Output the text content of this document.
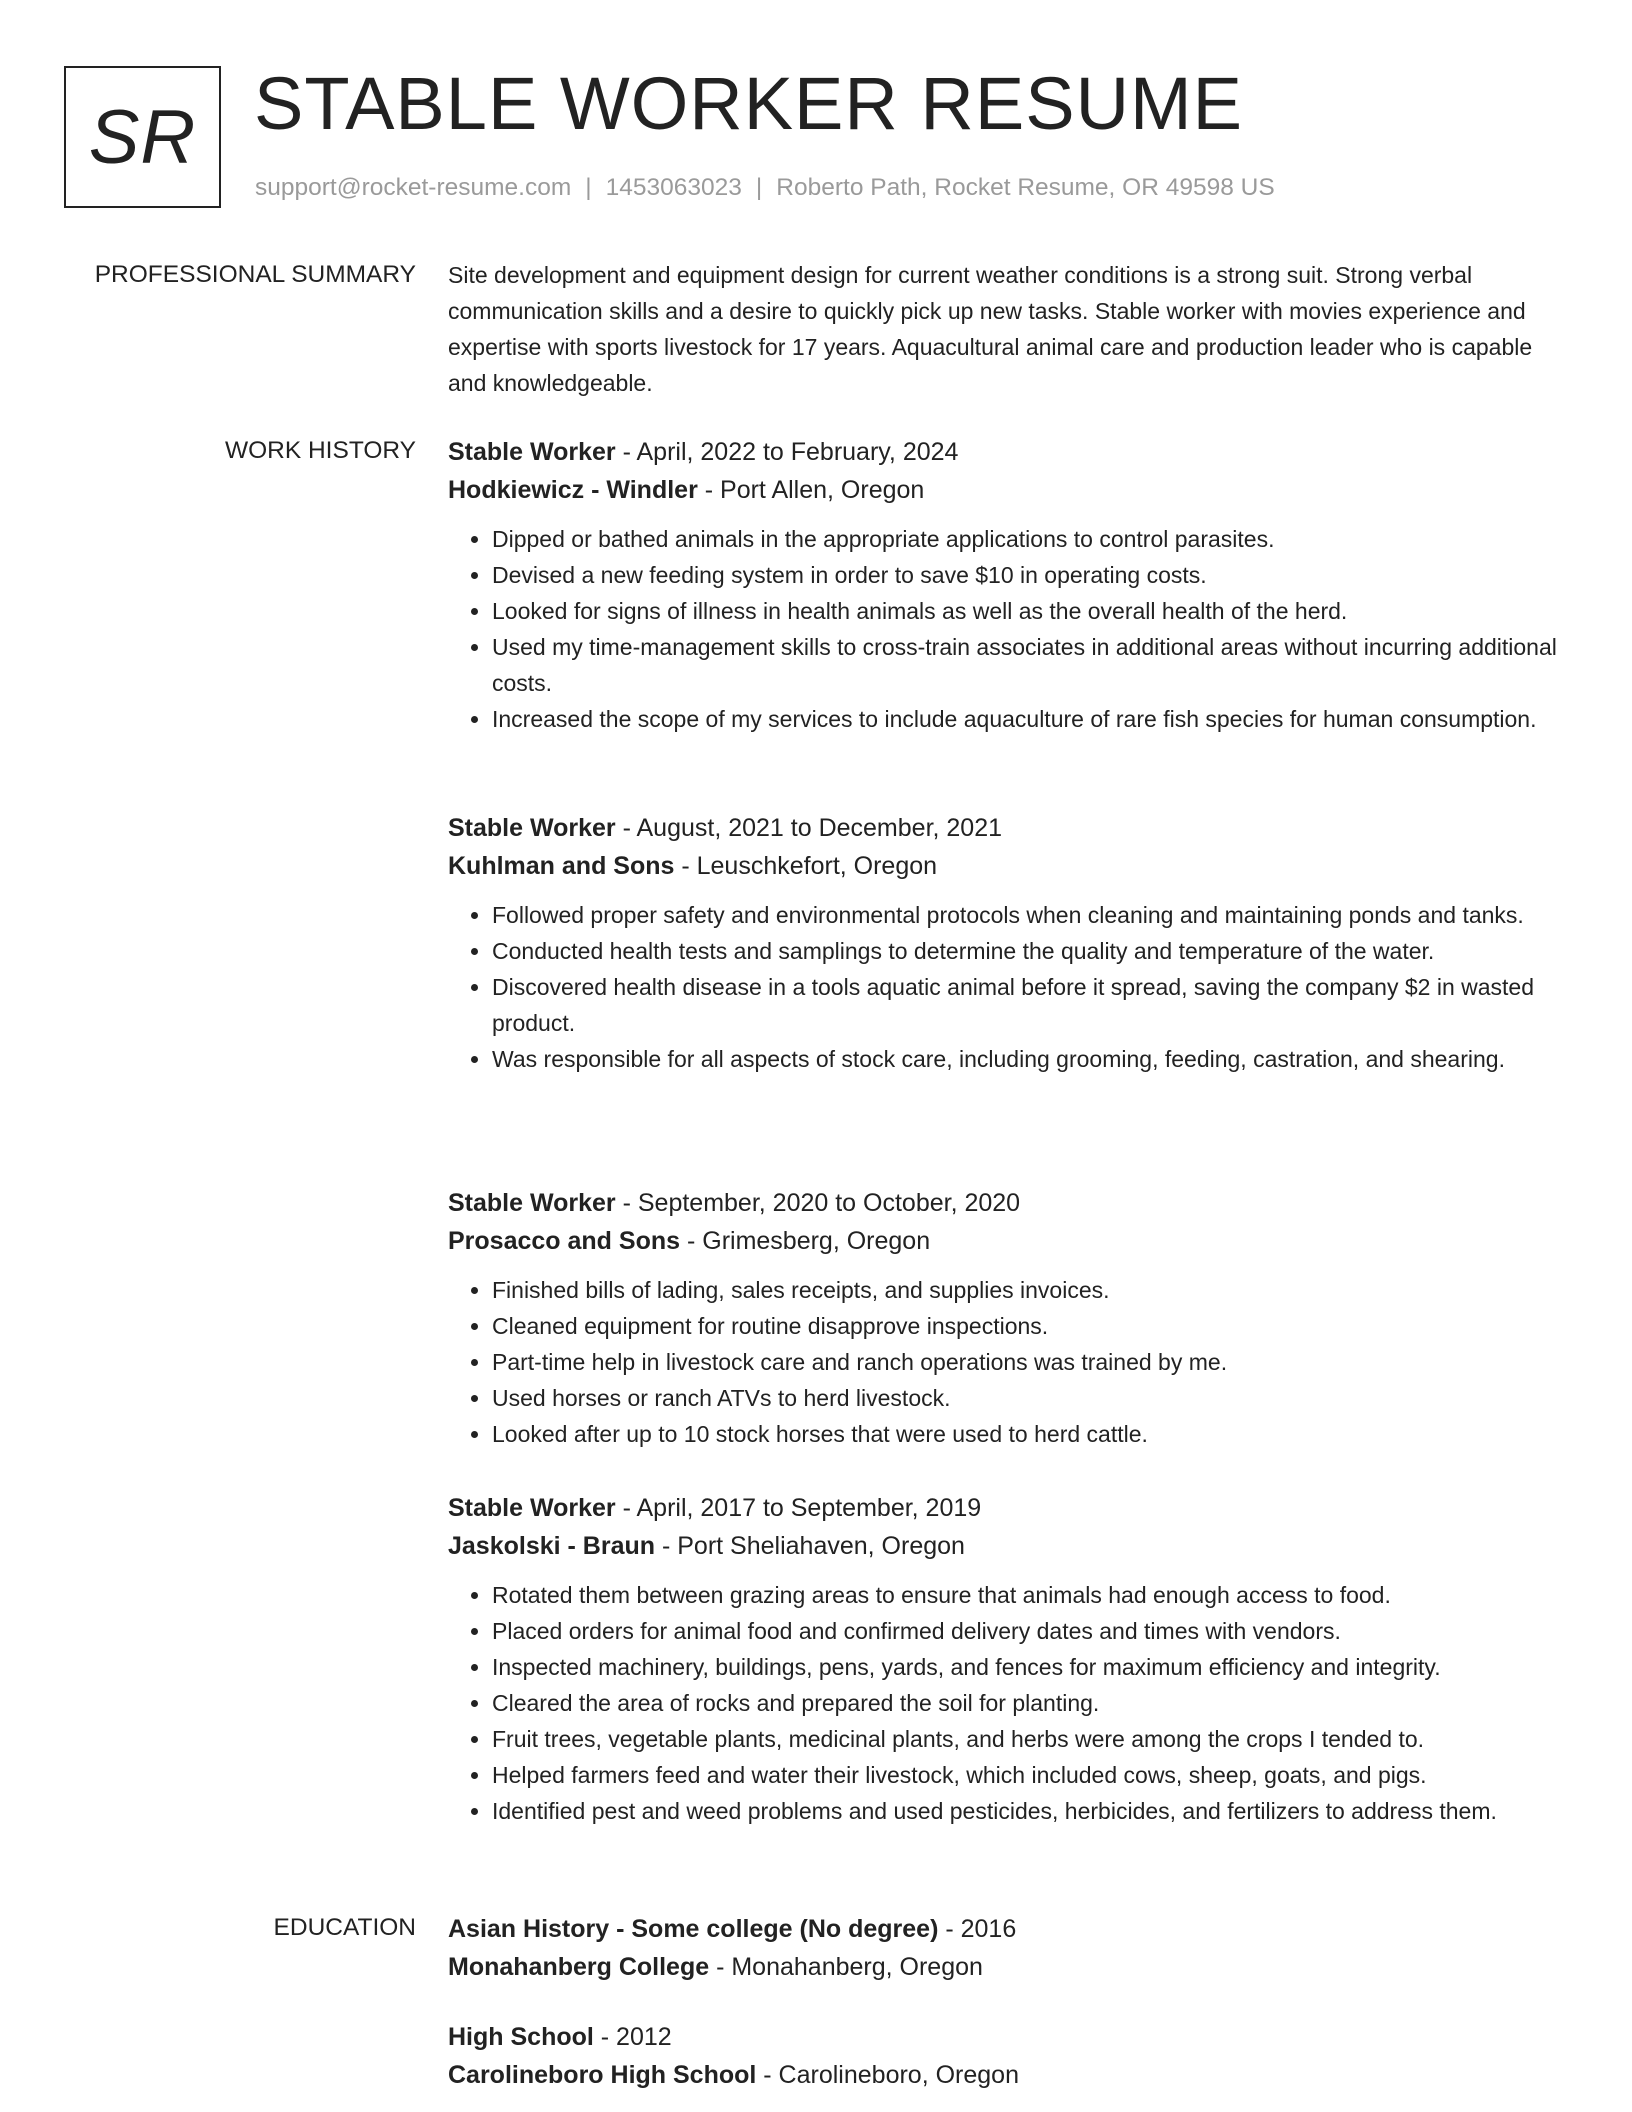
SR STABLE WORKER RESUME
support@rocket-resume.com | 1453063023 | Roberto Path, Rocket Resume, OR 49598 US
PROFESSIONAL SUMMARY Site development and equipment design for current weather conditions is a strong suit. Strong verbal communication skills and a desire to quickly pick up new tasks. Stable worker with movies experience and expertise with sports livestock for 17 years. Aquacultural animal care and production leader who is capable and knowledgeable.
WORK HISTORY Stable Worker - April, 2022 to February, 2024
Hodkiewicz - Windler - Port Allen, Oregon
• Dipped or bathed animals in the appropriate applications to control parasites.
• Devised a new feeding system in order to save $10 in operating costs.
• Looked for signs of illness in health animals as well as the overall health of the herd.
• Used my time-management skills to cross-train associates in additional areas without incurring additional costs.
• Increased the scope of my services to include aquaculture of rare fish species for human consumption.
Stable Worker - August, 2021 to December, 2021
Kuhlman and Sons - Leuschkefort, Oregon
• Followed proper safety and environmental protocols when cleaning and maintaining ponds and tanks.
• Conducted health tests and samplings to determine the quality and temperature of the water.
• Discovered health disease in a tools aquatic animal before it spread, saving the company $2 in wasted product.
• Was responsible for all aspects of stock care, including grooming, feeding, castration, and shearing.
Stable Worker - September, 2020 to October, 2020
Prosacco and Sons - Grimesberg, Oregon
• Finished bills of lading, sales receipts, and supplies invoices.
• Cleaned equipment for routine disapprove inspections.
• Part-time help in livestock care and ranch operations was trained by me.
• Used horses or ranch ATVs to herd livestock.
• Looked after up to 10 stock horses that were used to herd cattle.
Stable Worker - April, 2017 to September, 2019
Jaskolski - Braun - Port Sheliahaven, Oregon
• Rotated them between grazing areas to ensure that animals had enough access to food.
• Placed orders for animal food and confirmed delivery dates and times with vendors.
• Inspected machinery, buildings, pens, yards, and fences for maximum efficiency and integrity.
• Cleared the area of rocks and prepared the soil for planting.
• Fruit trees, vegetable plants, medicinal plants, and herbs were among the crops I tended to.
• Helped farmers feed and water their livestock, which included cows, sheep, goats, and pigs.
• Identified pest and weed problems and used pesticides, herbicides, and fertilizers to address them.
EDUCATION Asian History - Some college (No degree) - 2016
Monahanberg College - Monahanberg, Oregon
High School - 2012
Carolineboro High School - Carolineboro, Oregon
